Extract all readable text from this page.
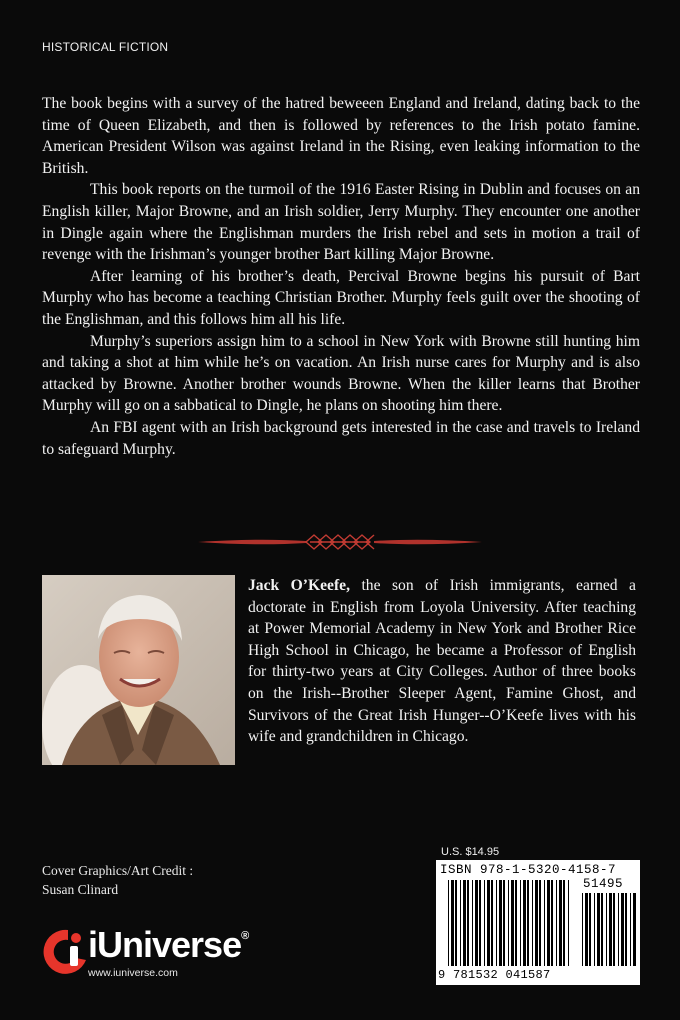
HISTORICAL FICTION

The book begins with a survey of the hatred beweeen England and Ireland, dating back to the time of Queen Elizabeth, and then is followed by references to the Irish potato famine. American President Wilson was against Ireland in the Rising, even leaking information to the British.

This book reports on the turmoil of the 1916 Easter Rising in Dublin and focuses on an English killer, Major Browne, and an Irish soldier, Jerry Murphy. They encounter one another in Dingle again where the Englishman murders the Irish rebel and sets in motion a trail of revenge with the Irishman’s younger brother Bart killing Major Browne.

After learning of his brother’s death, Percival Browne begins his pursuit of Bart Murphy who has become a teaching Christian Brother. Murphy feels guilt over the shooting of the Englishman, and this follows him all his life.

Murphy’s superiors assign him to a school in New York with Browne still hunting him and taking a shot at him while he’s on vacation. An Irish nurse cares for Murphy and is also attacked by Browne. Another brother wounds Browne. When the killer learns that Brother Murphy will go on a sabbatical to Dingle, he plans on shooting him there.

An FBI agent with an Irish background gets interested in the case and travels to Ireland to safeguard Murphy.

Jack O’Keefe, the son of Irish immigrants, earned a doctorate in English from Loyola University. After teaching at Power Memorial Academy in New York and Brother Rice High School in Chicago, he became a Professor of English for thirty-two years at City Colleges. Author of three books on the Irish--Brother Sleeper Agent, Famine Ghost, and Survivors of the Great Irish Hunger--O’Keefe lives with his wife and grandchildren in Chicago.
Cover Graphics/Art Credit :
Susan Clinard
iUniverse®
www.iuniverse.com
U.S. $14.95
ISBN 978-1-5320-4158-7
51495
9 781532 041587
